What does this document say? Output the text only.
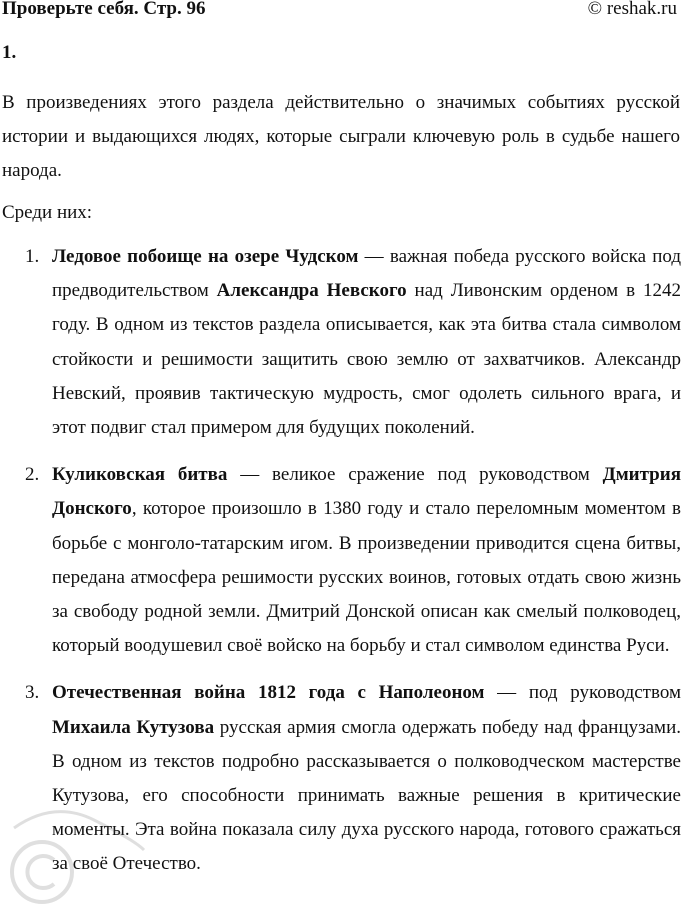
Проверьте себя. Стр. 96	© reshak.ru
1.

В произведениях этого раздела действительно о значимых событиях русской истории и выдающихся людях, которые сыграли ключевую роль в судьбе нашего народа.

Среди них:

1. Ледовое побоище на озере Чудском — важная победа русского войска под предводительством Александра Невского над Ливонским орденом в 1242 году. В одном из текстов раздела описывается, как эта битва стала символом стойкости и решимости защитить свою землю от захватчиков. Александр Невский, проявив тактическую мудрость, смог одолеть сильного врага, и этот подвиг стал примером для будущих поколений.
2. Куликовская битва — великое сражение под руководством Дмитрия Донского, которое произошло в 1380 году и стало переломным моментом в борьбе с монголо-татарским игом. В произведении приводится сцена битвы, передана атмосфера решимости русских воинов, готовых отдать свою жизнь за свободу родной земли. Дмитрий Донской описан как смелый полководец, который воодушевил своё войско на борьбу и стал символом единства Руси.
3. Отечественная война 1812 года с Наполеоном — под руководством Михаила Кутузова русская армия смогла одержать победу над французами. В одном из текстов подробно рассказывается о полководческом мастерстве Кутузова, его способности принимать важные решения в критические моменты. Эта война показала силу духа русского народа, готового сражаться за своё Отечество.
